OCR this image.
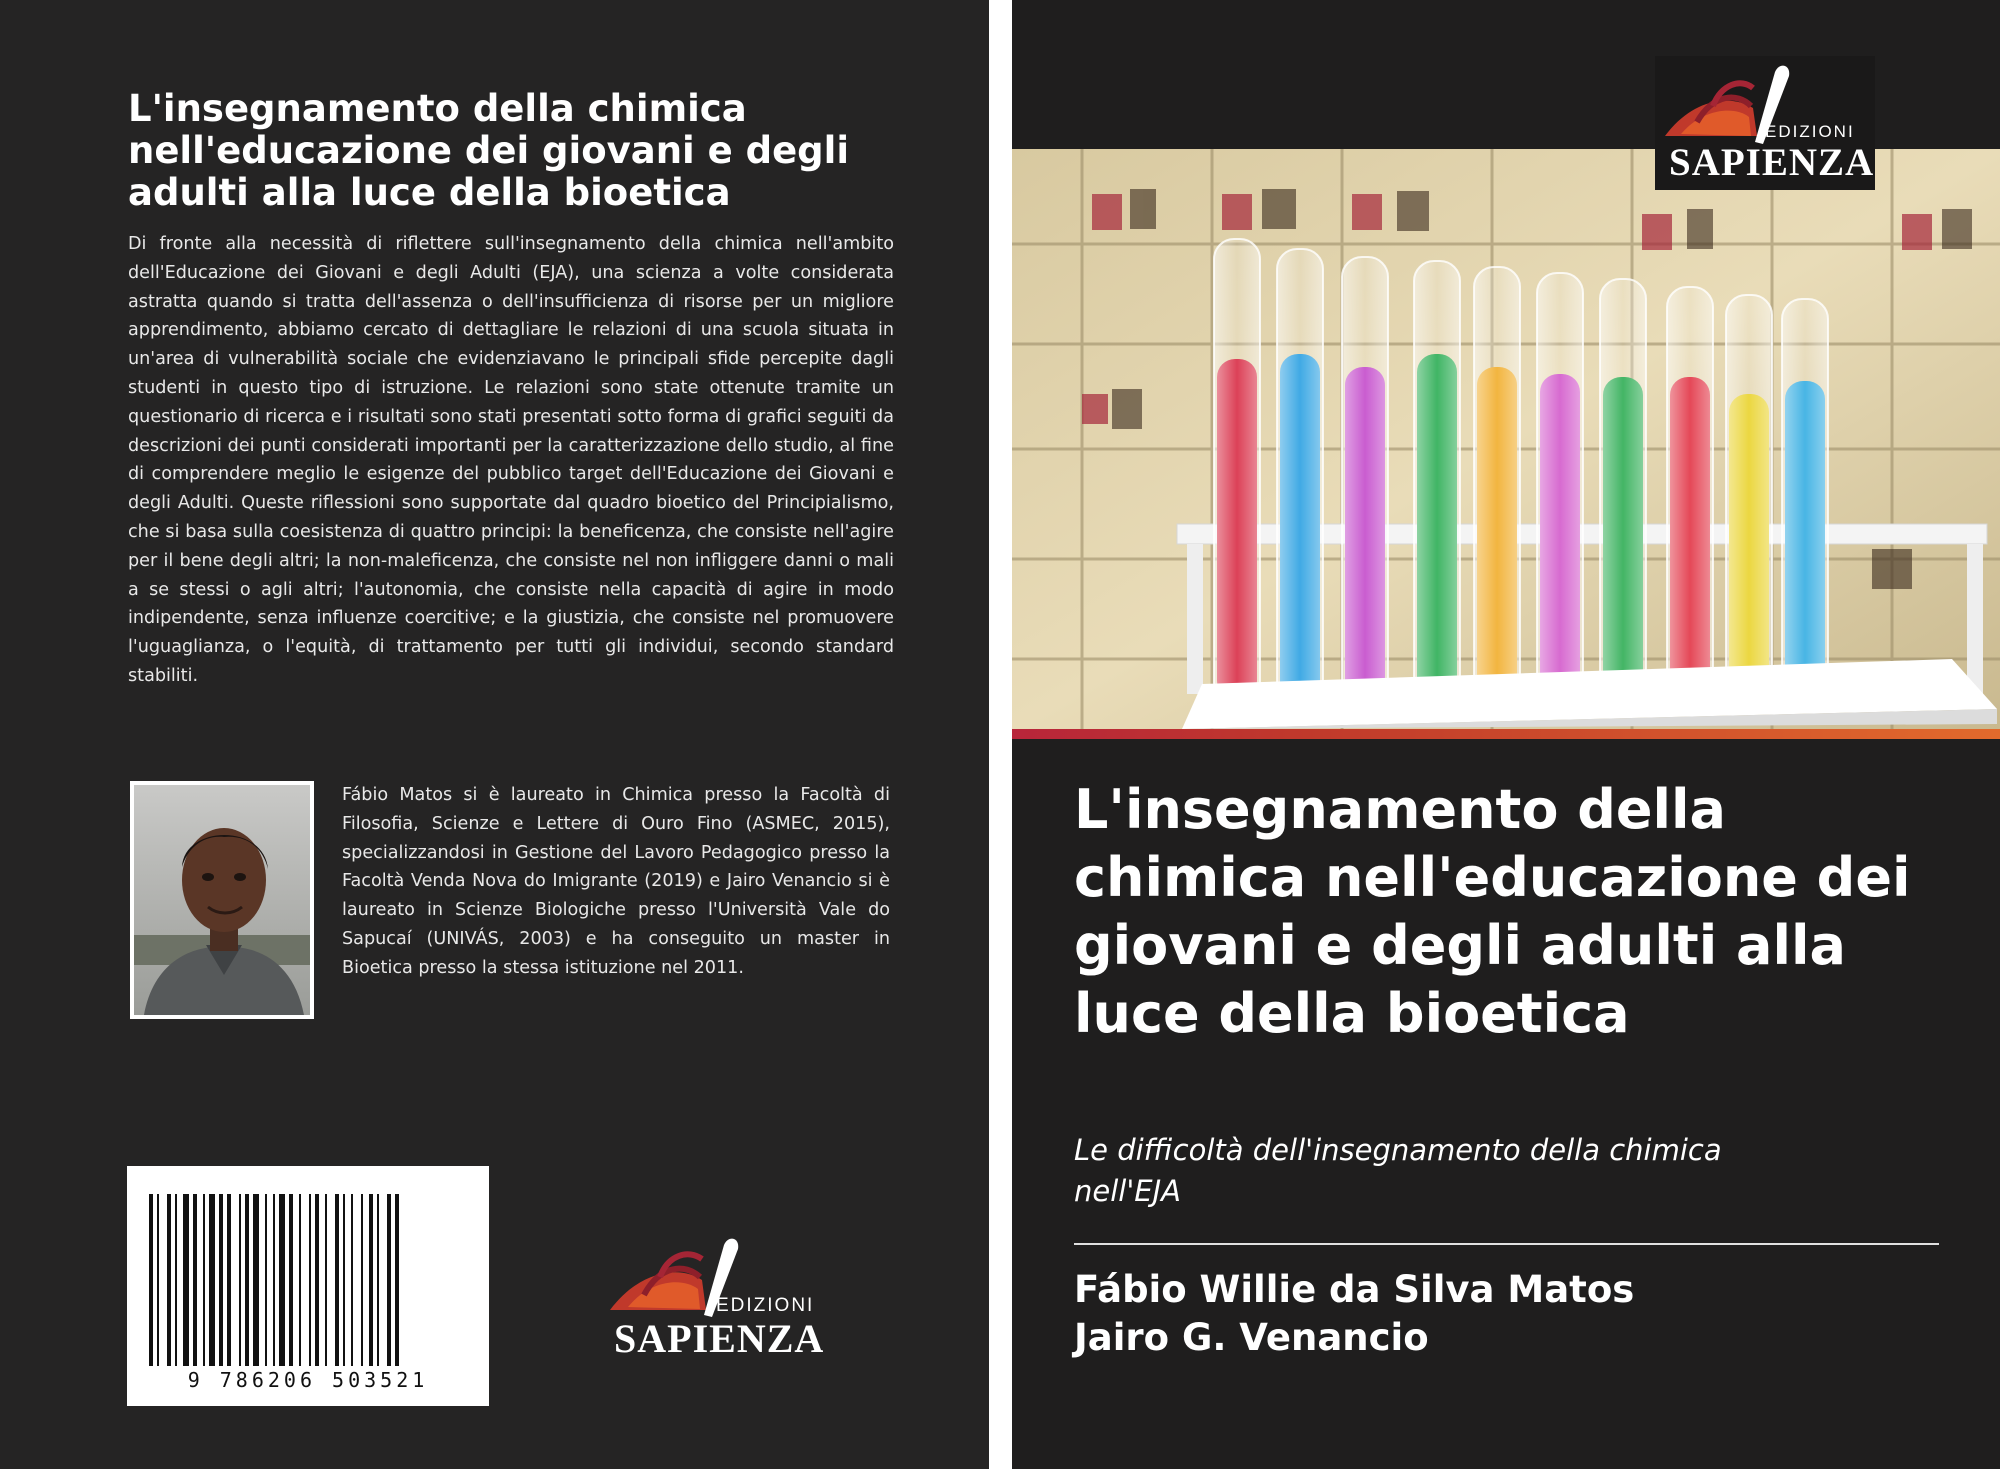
L'insegnamento della chimica nell'educazione dei giovani e degli adulti alla luce della bioetica

Di fronte alla necessità di riflettere sull'insegnamento della chimica nell'ambito dell'Educazione dei Giovani e degli Adulti (EJA), una scienza a volte considerata astratta quando si tratta dell'assenza o dell'insufficienza di risorse per un migliore apprendimento, abbiamo cercato di dettagliare le relazioni di una scuola situata in un'area di vulnerabilità sociale che evidenziavano le principali sfide percepite dagli studenti in questo tipo di istruzione. Le relazioni sono state ottenute tramite un questionario di ricerca e i risultati sono stati presentati sotto forma di grafici seguiti da descrizioni dei punti considerati importanti per la caratterizzazione dello studio, al fine di comprendere meglio le esigenze del pubblico target dell'Educazione dei Giovani e degli Adulti. Queste riflessioni sono supportate dal quadro bioetico del Principialismo, che si basa sulla coesistenza di quattro principi: la beneficenza, che consiste nell'agire per il bene degli altri; la non-maleficenza, che consiste nel non infliggere danni o mali a se stessi o agli altri; l'autonomia, che consiste nella capacità di agire in modo indipendente, senza influenze coercitive; e la giustizia, che consiste nel promuovere l'uguaglianza, o l'equità, di trattamento per tutti gli individui, secondo standard stabiliti.

Fábio Matos si è laureato in Chimica presso la Facoltà di Filosofia, Scienze e Lettere di Ouro Fino (ASMEC, 2015), specializzandosi in Gestione del Lavoro Pedagogico presso la Facoltà Venda Nova do Imigrante (2019) e Jairo Venancio si è laureato in Scienze Biologiche presso l'Università Vale do Sapucaí (UNIVÁS, 2003) e ha conseguito un master in Bioetica presso la stessa istituzione nel 2011.

9 786206 503521
EDIZIONI
SAPIENZA
EDIZIONI
SAPIENZA
L'insegnamento della chimica nell'educazione dei giovani e degli adulti alla luce della bioetica

Le difficoltà dell'insegnamento della chimica nell'EJA

Fábio Willie da Silva Matos
Jairo G. Venancio
